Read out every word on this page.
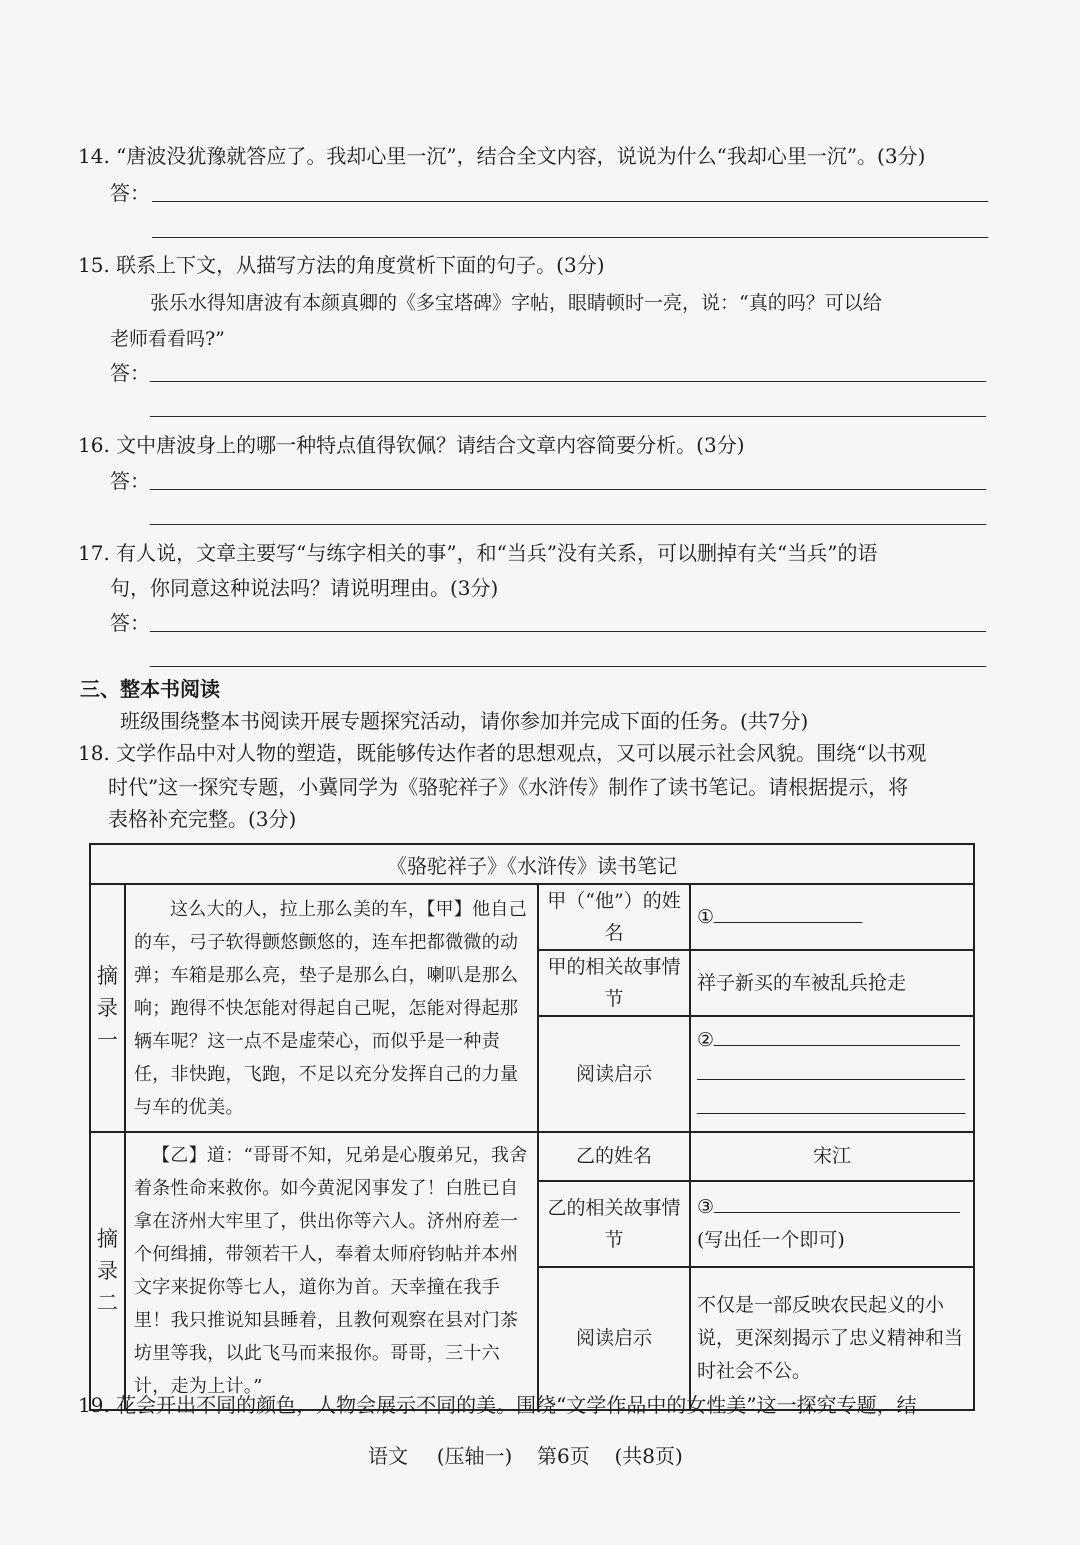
14. “唐波没犹豫就答应了。我却心里一沉”，结合全文内容，说说为什么“我却心里一沉”。(3分)
答：
15. 联系上下文，从描写方法的角度赏析下面的句子。(3分)
张乐水得知唐波有本颜真卿的《多宝塔碑》字帖，眼睛顿时一亮，说：“真的吗？可以给
老师看看吗?”
答：
16. 文中唐波身上的哪一种特点值得钦佩？请结合文章内容简要分析。(3分)
答：
17. 有人说，文章主要写“与练字相关的事”，和“当兵”没有关系，可以删掉有关“当兵”的语
句，你同意这种说法吗？请说明理由。(3分)
答：
三、整本书阅读
班级围绕整本书阅读开展专题探究活动，请你参加并完成下面的任务。(共7分)
18. 文学作品中对人物的塑造，既能够传达作者的思想观点，又可以展示社会风貌。围绕“以书观
时代”这一探究专题，小冀同学为《骆驼祥子》《水浒传》制作了读书笔记。请根据提示，将
表格补充完整。(3分)
《骆驼祥子》《水浒传》读书笔记			

摘录一	这么大的人，拉上那么美的车，【甲】他自己的车，弓子软得颤悠颤悠的，连车把都微微的动弹；车箱是那么亮，垫子是那么白，喇叭是那么响；跑得不快怎能对得起自己呢，怎能对得起那辆车呢？这一点不是虚荣心，而似乎是一种责任，非快跑，飞跑，不足以充分发挥自己的力量与车的优美。	甲（“他”）的姓名	①

		甲的相关故事情节	祥子新买的车被乱兵抢走
		阅读启示	②

摘录二	【乙】道：“哥哥不知，兄弟是心腹弟兄，我舍着条性命来救你。如今黄泥冈事发了！白胜已自拿在济州大牢里了，供出你等六人。济州府差一个何缉捕，带领若干人，奉着太师府钧帖并本州文字来捉你等七人，道你为首。天幸撞在我手里！我只推说知县睡着，且教何观察在县对门茶坊里等我，以此飞马而来报你。哥哥，三十六计，走为上计。”	乙的姓名	宋江

		乙的相关故事情节	③
(写出任一个即可)

		阅读启示	不仅是一部反映农民起义的小说，更深刻揭示了忠义精神和当时社会不公。
19. 花会开出不同的颜色，人物会展示不同的美。围绕“文学作品中的女性美”这一探究专题，结
语文 (压轴一) 第6页 (共8页)
